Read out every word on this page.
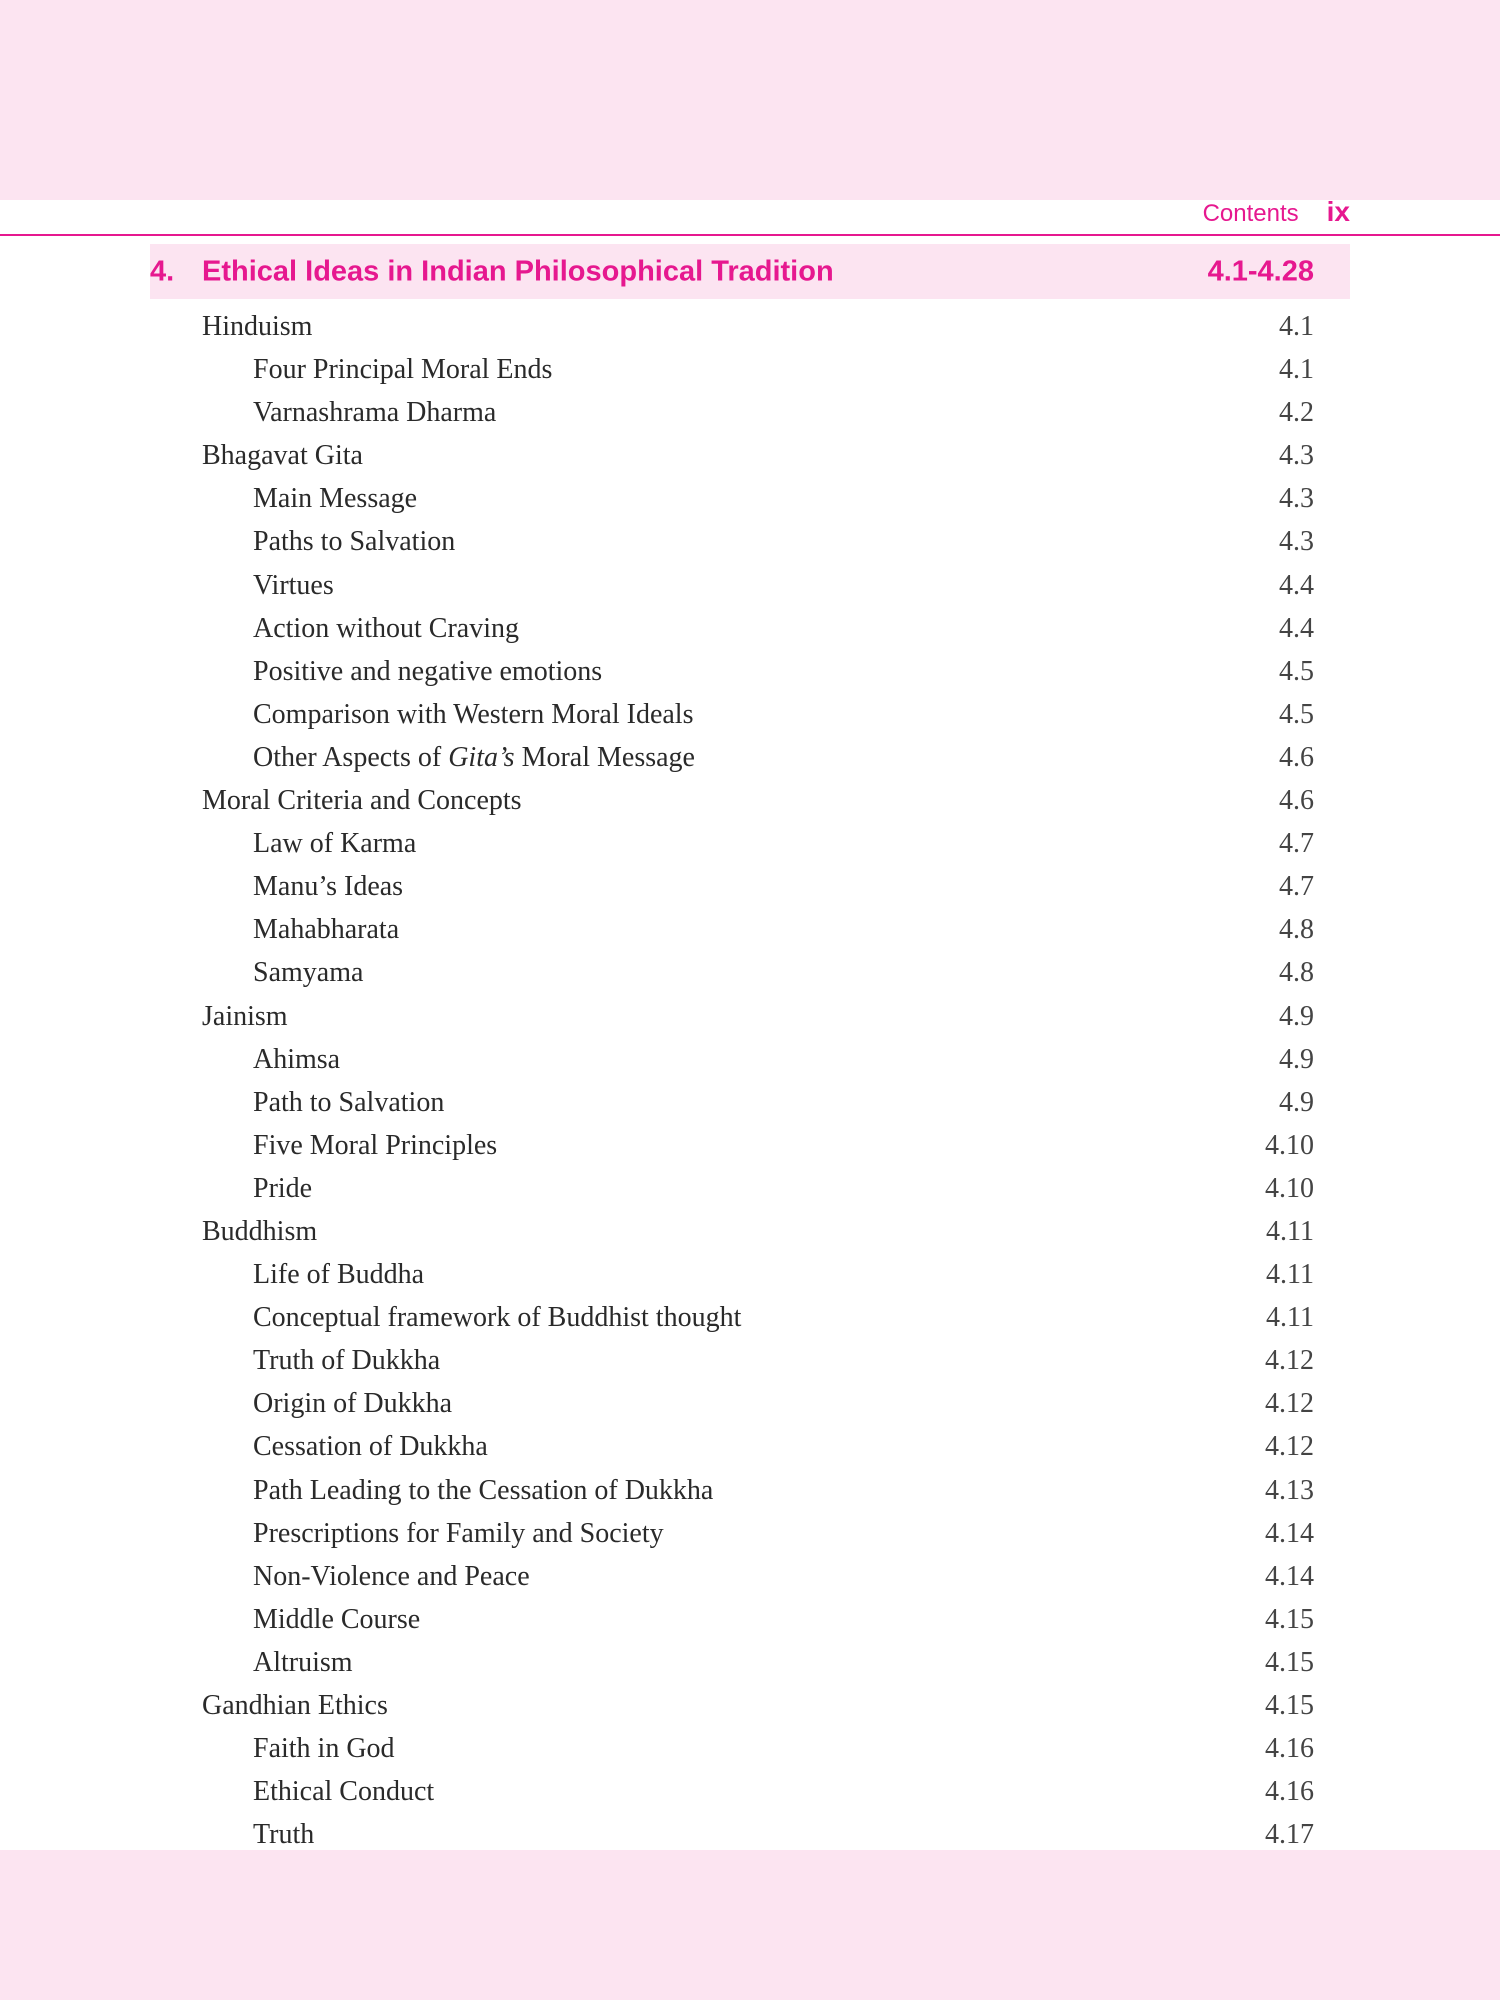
Contents ix
4. Ethical Ideas in Indian Philosophical Tradition	4.1-4.28
Hinduism	4.1
Four Principal Moral Ends	4.1
Varnashrama Dharma	4.2
Bhagavat Gita	4.3
Main Message	4.3
Paths to Salvation	4.3
Virtues	4.4
Action without Craving	4.4
Positive and negative emotions	4.5
Comparison with Western Moral Ideals	4.5
Other Aspects of Gita’s Moral Message	4.6
Moral Criteria and Concepts	4.6
Law of Karma	4.7
Manu’s Ideas	4.7
Mahabharata	4.8
Samyama	4.8
Jainism	4.9
Ahimsa	4.9
Path to Salvation	4.9
Five Moral Principles	4.10
Pride	4.10
Buddhism	4.11
Life of Buddha	4.11
Conceptual framework of Buddhist thought	4.11
Truth of Dukkha	4.12
Origin of Dukkha	4.12
Cessation of Dukkha	4.12
Path Leading to the Cessation of Dukkha	4.13
Prescriptions for Family and Society	4.14
Non-Violence and Peace	4.14
Middle Course	4.15
Altruism	4.15
Gandhian Ethics	4.15
Faith in God	4.16
Ethical Conduct	4.16
Truth	4.17
